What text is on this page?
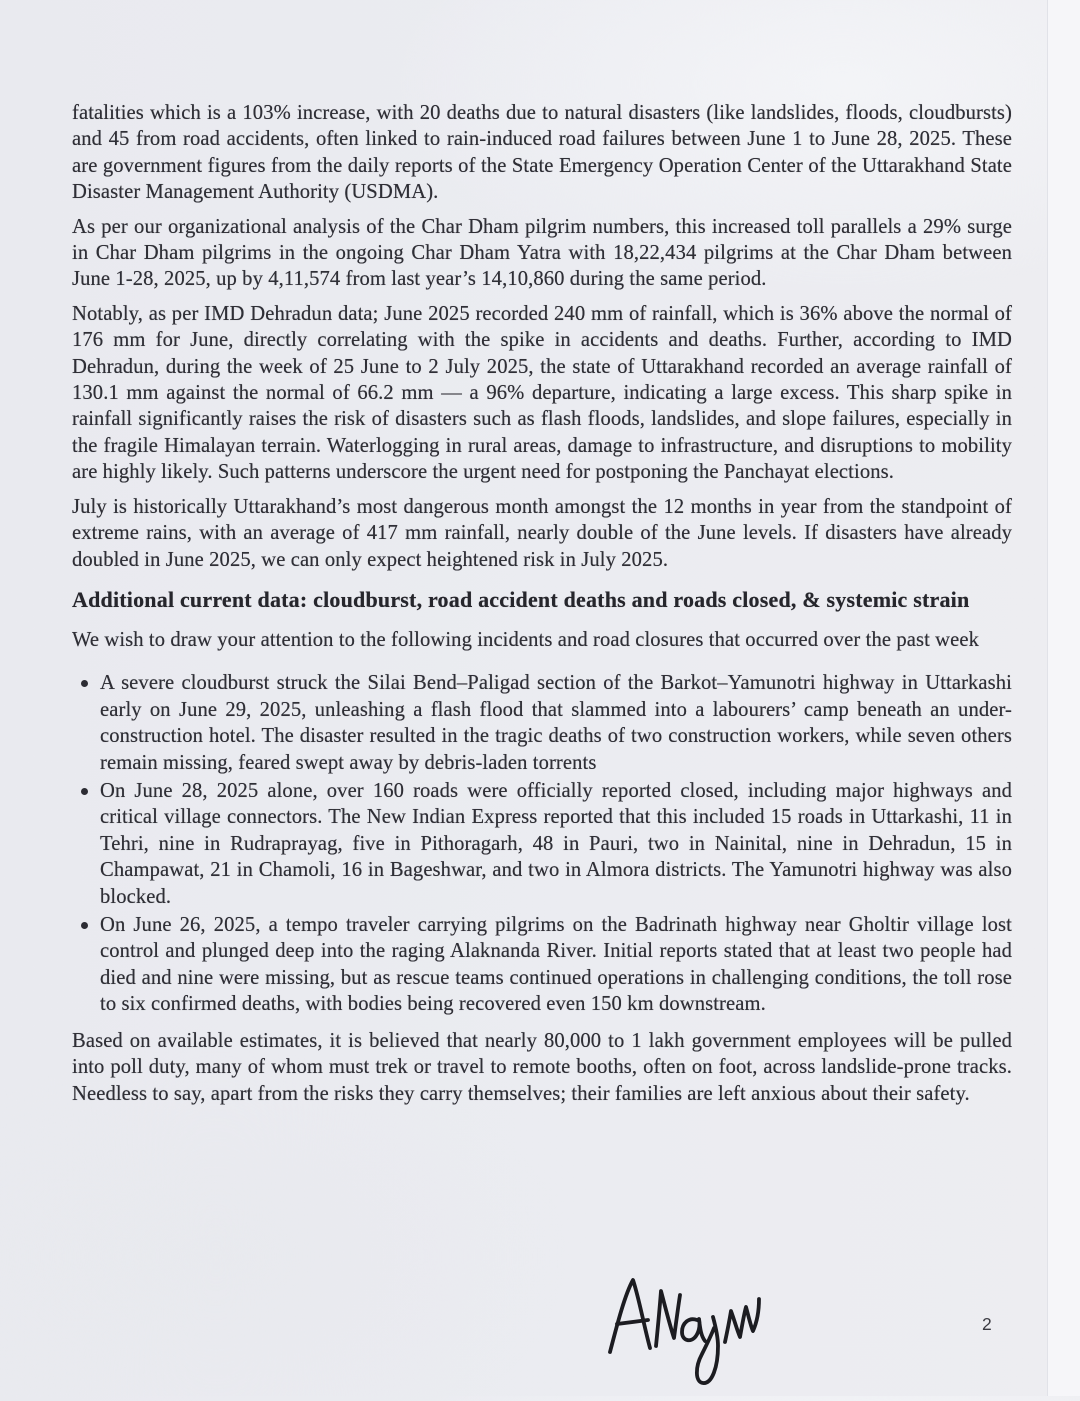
fatalities which is a 103% increase, with 20 deaths due to natural disasters (like landslides, floods, cloudbursts) and 45 from road accidents, often linked to rain-induced road failures between June 1 to June 28, 2025. These are government figures from the daily reports of the State Emergency Operation Center of the Uttarakhand State Disaster Management Authority (USDMA).

As per our organizational analysis of the Char Dham pilgrim numbers, this increased toll parallels a 29% surge in Char Dham pilgrims in the ongoing Char Dham Yatra with 18,22,434 pilgrims at the Char Dham between June 1-28, 2025, up by 4,11,574 from last year’s 14,10,860 during the same period.

Notably, as per IMD Dehradun data; June 2025 recorded 240 mm of rainfall, which is 36% above the normal of 176 mm for June, directly correlating with the spike in accidents and deaths. Further, according to IMD Dehradun, during the week of 25 June to 2 July 2025, the state of Uttarakhand recorded an average rainfall of 130.1 mm against the normal of 66.2 mm — a 96% departure, indicating a large excess. This sharp spike in rainfall significantly raises the risk of disasters such as flash floods, landslides, and slope failures, especially in the fragile Himalayan terrain. Waterlogging in rural areas, damage to infrastructure, and disruptions to mobility are highly likely. Such patterns underscore the urgent need for postponing the Panchayat elections.

July is historically Uttarakhand’s most dangerous month amongst the 12 months in year from the standpoint of extreme rains, with an average of 417 mm rainfall, nearly double of the June levels. If disasters have already doubled in June 2025, we can only expect heightened risk in July 2025.

Additional current data: cloudburst, road accident deaths and roads closed, & systemic strain

We wish to draw your attention to the following incidents and road closures that occurred over the past week

A severe cloudburst struck the Silai Bend–Paligad section of the Barkot–Yamunotri highway in Uttarkashi early on June 29, 2025, unleashing a flash flood that slammed into a labourers’ camp beneath an under-construction hotel. The disaster resulted in the tragic deaths of two construction workers, while seven others remain missing, feared swept away by debris-laden torrents
On June 28, 2025 alone, over 160 roads were officially reported closed, including major highways and critical village connectors. The New Indian Express reported that this included 15 roads in Uttarkashi, 11 in Tehri, nine in Rudraprayag, five in Pithoragarh, 48 in Pauri, two in Nainital, nine in Dehradun, 15 in Champawat, 21 in Chamoli, 16 in Bageshwar, and two in Almora districts. The Yamunotri highway was also blocked.
On June 26, 2025, a tempo traveler carrying pilgrims on the Badrinath highway near Gholtir village lost control and plunged deep into the raging Alaknanda River. Initial reports stated that at least two people had died and nine were missing, but as rescue teams continued operations in challenging conditions, the toll rose to six confirmed deaths, with bodies being recovered even 150 km downstream.

Based on available estimates, it is believed that nearly 80,000 to 1 lakh government employees will be pulled into poll duty, many of whom must trek or travel to remote booths, often on foot, across landslide-prone tracks. Needless to say, apart from the risks they carry themselves; their families are left anxious about their safety.

2
